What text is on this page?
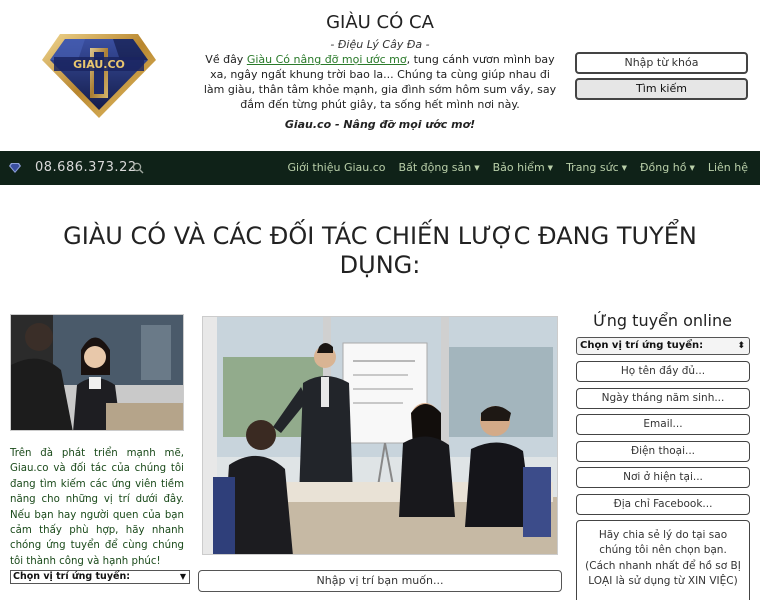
GIAU.CO
GIÀU CÓ CA
- Điệu Lý Cây Đa -
Về đây Giàu Có nâng đỡ mọi ước mơ, tung cánh vươn mình bay xa, ngây ngất khung trời bao la... Chúng ta cùng giúp nhau đi làm giàu, thân tâm khỏe mạnh, gia đình sớm hôm sum vầy, say đắm đến từng phút giây, ta sống hết mình nơi này.
Giau.co - Nâng đỡ mọi ước mơ!
Nhập từ khóa
Tìm kiếm
08.686.373.22	Giới thiệu Giau.co Bất động sản ▼ Bảo hiểm ▼ Trang sức ▼ Đồng hồ ▼ Liên hệ
GIÀU CÓ VÀ CÁC ĐỐI TÁC CHIẾN LƯỢC ĐANG TUYỂN DỤNG:
Trên đà phát triển mạnh mẽ, Giau.co và đối tác của chúng tôi đang tìm kiếm các ứng viên tiềm năng cho những vị trí dưới đây. Nếu bạn hay người quen của bạn cảm thấy phù hợp, hãy nhanh chóng ứng tuyển để cùng chúng tôi thành công và hạnh phúc!
Chọn vị trí ứng tuyển:	▼	Nhập vị trí bạn muốn...
Ứng tuyển online
Chọn vị trí ứng tuyển:	⬍
Họ tên đầy đủ...
Ngày tháng năm sinh...
Email...
Điện thoại...
Nơi ở hiện tại...
Địa chỉ Facebook...
Hãy chia sẻ lý do tại sao chúng tôi nên chọn bạn. (Cách nhanh nhất để hồ sơ BỊ LOẠI là sử dụng từ XIN VIỆC)
